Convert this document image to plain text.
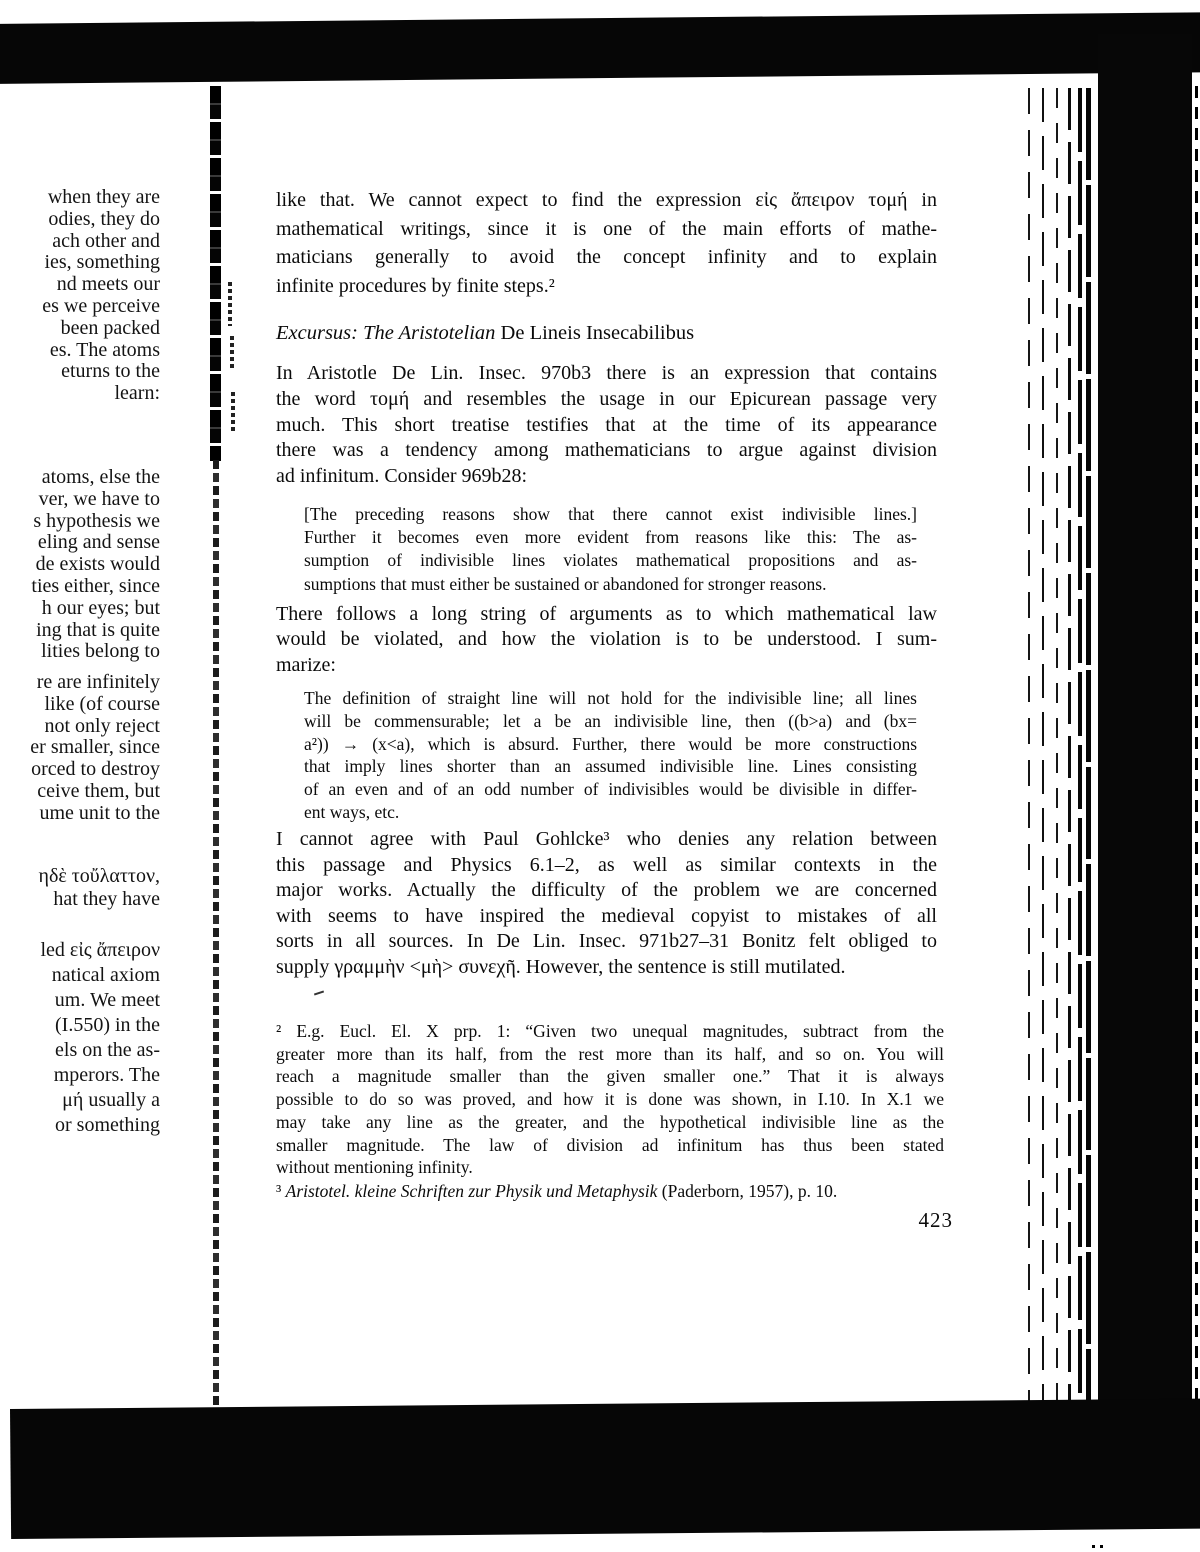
when they are
odies, they do
ach other and
ies, something
nd meets our
es we perceive
been packed
es. The atoms
eturns to the
learn:
atoms, else the
ver, we have to
s hypothesis we
eling and sense
de exists would
ties either, since
h our eyes; but
ing that is quite
lities belong to
re are infinitely
like (of course
not only reject
er smaller, since
orced to destroy
ceive them, but
ume unit to the
ηδὲ τοὔλαττον,
hat they have
led εἰς ἄπειρον
natical axiom
um. We meet
(I.550) in the
els on the as-
mperors. The
μή usually a
or something
like that. We cannot expect to find the expression εἰς ἄπειρον τομή in
mathematical writings, since it is one of the main efforts of mathe-
maticians generally to avoid the concept infinity and to explain
infinite procedures by finite steps.²
Excursus: The Aristotelian De Lineis Insecabilibus
In Aristotle De Lin. Insec. 970b3 there is an expression that contains
the word τομή and resembles the usage in our Epicurean passage very
much. This short treatise testifies that at the time of its appearance
there was a tendency among mathematicians to argue against division
ad infinitum. Consider 969b28:
[The preceding reasons show that there cannot exist indivisible lines.]
Further it becomes even more evident from reasons like this: The as-
sumption of indivisible lines violates mathematical propositions and as-
sumptions that must either be sustained or abandoned for stronger reasons.
There follows a long string of arguments as to which mathematical law
would be violated, and how the violation is to be understood. I sum-
marize:
The definition of straight line will not hold for the indivisible line; all lines
will be commensurable; let a be an indivisible line, then ((b>a) and (bx=
a²)) → (x<a), which is absurd. Further, there would be more constructions
that imply lines shorter than an assumed indivisible line. Lines consisting
of an even and of an odd number of indivisibles would be divisible in differ-
ent ways, etc.
I cannot agree with Paul Gohlcke³ who denies any relation between
this passage and Physics 6.1–2, as well as similar contexts in the
major works. Actually the difficulty of the problem we are concerned
with seems to have inspired the medieval copyist to mistakes of all
sorts in all sources. In De Lin. Insec. 971b27–31 Bonitz felt obliged to
supply γραμμὴν <μὴ> συνεχῆ. However, the sentence is still mutilated.
² E.g. Eucl. El. X prp. 1: “Given two unequal magnitudes, subtract from the
greater more than its half, from the rest more than its half, and so on. You will
reach a magnitude smaller than the given smaller one.” That it is always
possible to do so was proved, and how it is done was shown, in I.10. In X.1 we
may take any line as the greater, and the hypothetical indivisible line as the
smaller magnitude. The law of division ad infinitum has thus been stated
without mentioning infinity.
³ Aristotel. kleine Schriften zur Physik und Metaphysik (Paderborn, 1957), p. 10.
423
